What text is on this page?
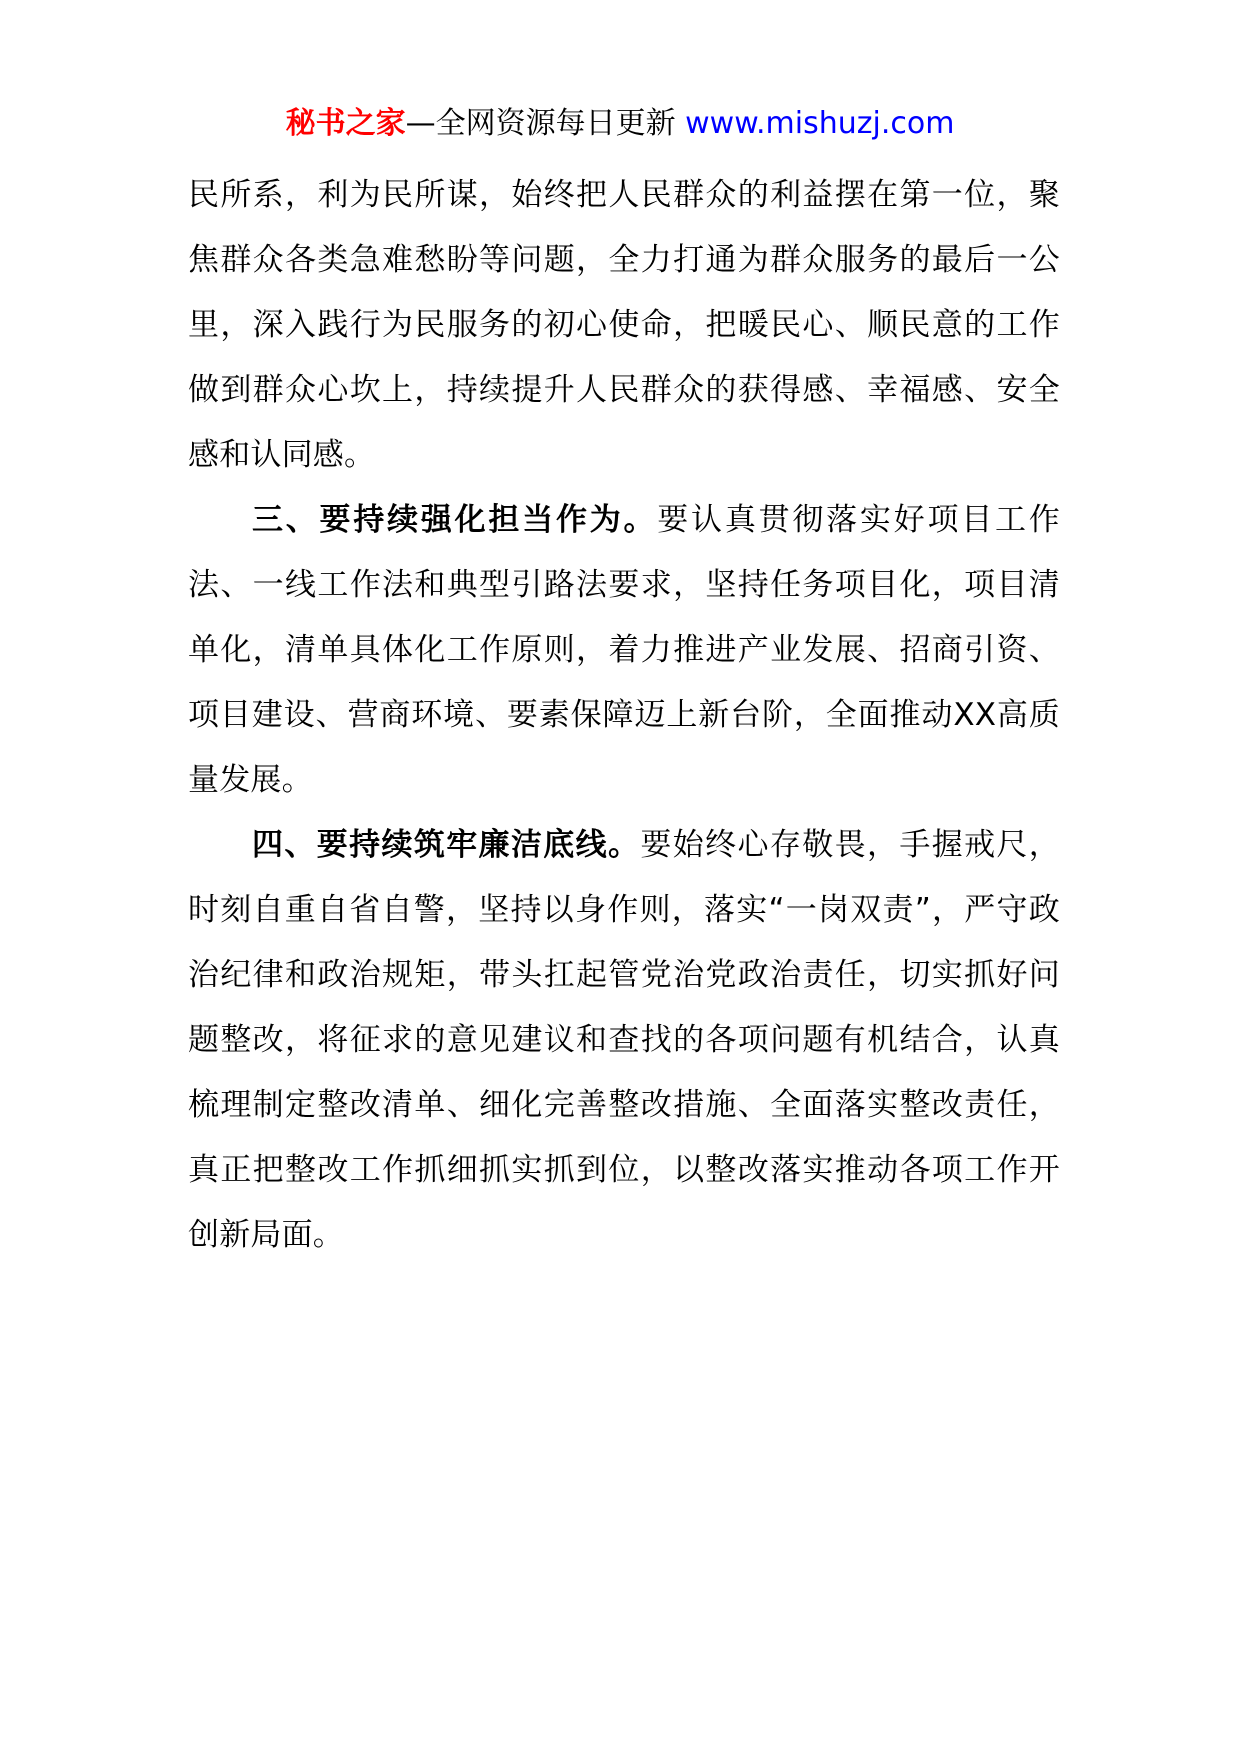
秘书之家—全网资源每日更新 www.mishuzj.com

民所系，利为民所谋，始终把人民群众的利益摆在第一位，聚焦群众各类急难愁盼等问题，全力打通为群众服务的最后一公里，深入践行为民服务的初心使命，把暖民心、顺民意的工作做到群众心坎上，持续提升人民群众的获得感、幸福感、安全感和认同感。

三、要持续强化担当作为。要认真贯彻落实好项目工作法、一线工作法和典型引路法要求，坚持任务项目化，项目清单化，清单具体化工作原则，着力推进产业发展、招商引资、项目建设、营商环境、要素保障迈上新台阶，全面推动XX高质量发展。

四、要持续筑牢廉洁底线。要始终心存敬畏，手握戒尺，时刻自重自省自警，坚持以身作则，落实“一岗双责”，严守政治纪律和政治规矩，带头扛起管党治党政治责任，切实抓好问题整改，将征求的意见建议和查找的各项问题有机结合，认真梳理制定整改清单、细化完善整改措施、全面落实整改责任，真正把整改工作抓细抓实抓到位，以整改落实推动各项工作开创新局面。
